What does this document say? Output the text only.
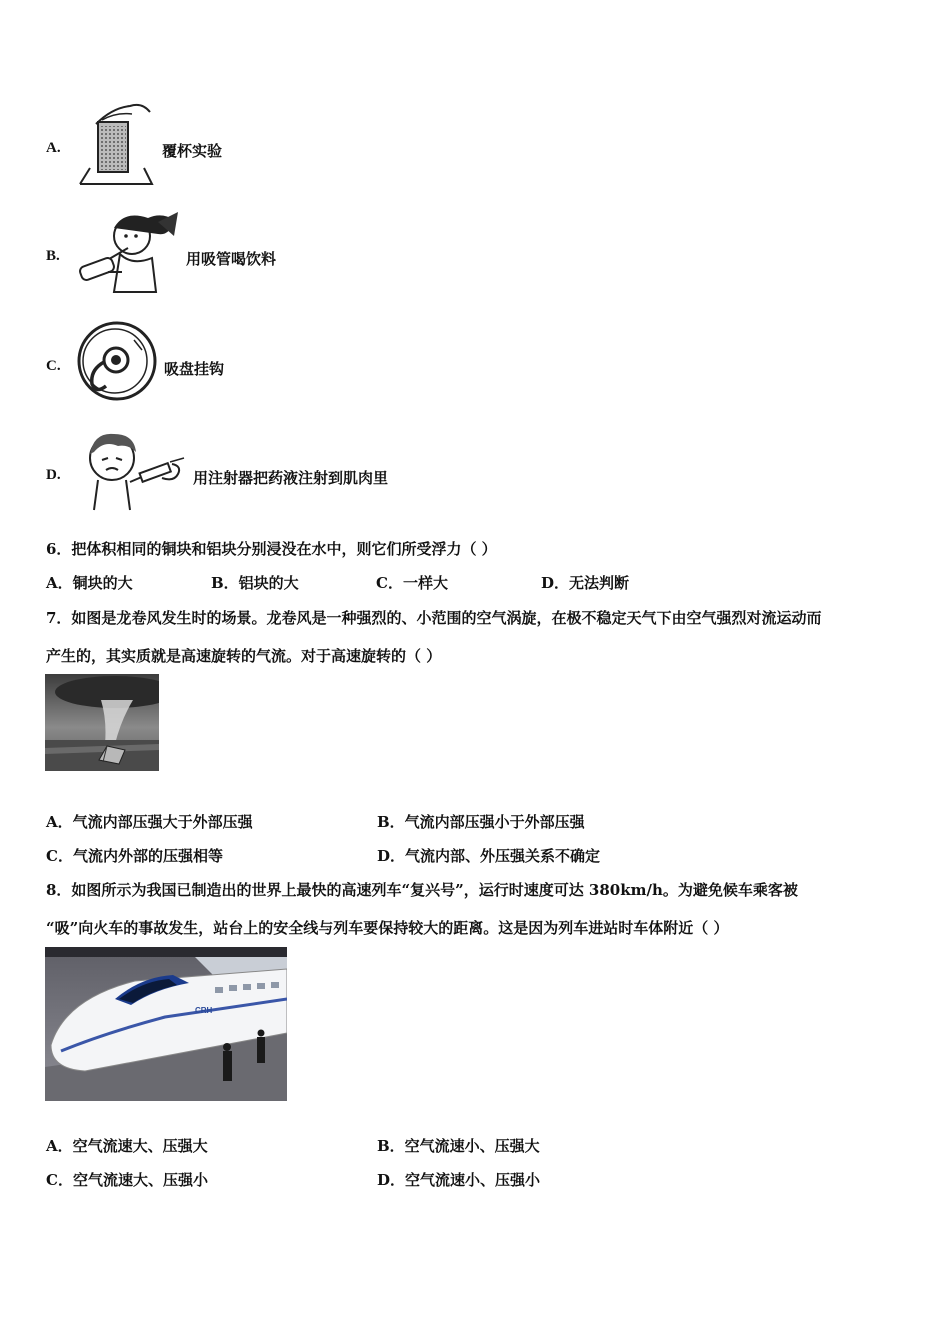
A.	覆杯实验
B.	用吸管喝饮料
C.	吸盘挂钩
D.	用注射器把药液注射到肌肉里
6．把体积相同的铜块和铝块分别浸没在水中，则它们所受浮力（ ）
A．铜块的大	B．铝块的大	C．一样大	D．无法判断
7．如图是龙卷风发生时的场景。龙卷风是一种强烈的、小范围的空气涡旋，在极不稳定天气下由空气强烈对流运动而
产生的，其实质就是高速旋转的气流。对于高速旋转的（ ）
A．气流内部压强大于外部压强	B．气流内部压强小于外部压强
C．气流内外部的压强相等	D．气流内部、外压强关系不确定
8．如图所示为我国已制造出的世界上最快的高速列车“复兴号”，运行时速度可达 380km/h。为避免候车乘客被
“吸”向火车的事故发生，站台上的安全线与列车要保持较大的距离。这是因为列车进站时车体附近（ ）
CRH
A．空气流速大、压强大	B．空气流速小、压强大
C．空气流速大、压强小	D．空气流速小、压强小
